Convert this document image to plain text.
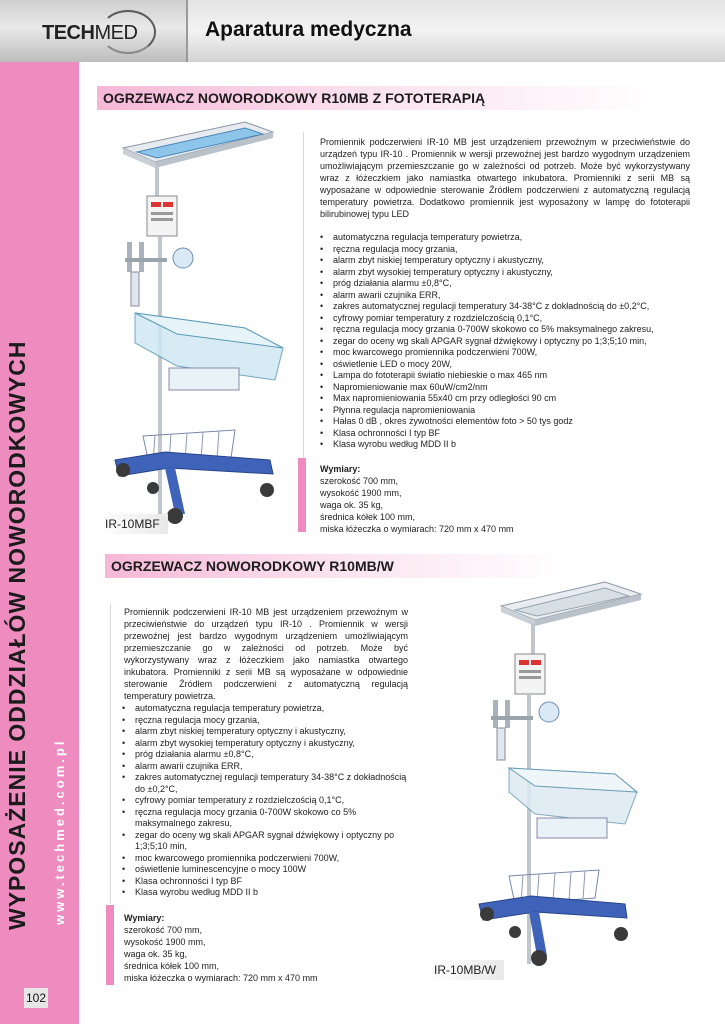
TECHMED	Aparatura medyczna
WYPOSAŻENIE ODDZIAŁÓW NOWORODKOWYCH www.techmed.com.pl
102
OGRZEWACZ NOWORODKOWY R10MB Z FOTOTERAPIĄ
Promiennik podczerwieni IR-10 MB jest urządzeniem przewoźnym w przeciwieństwie do urządzeń typu IR-10 . Promiennik w wersji przewoźnej jest bardzo wygodnym urządzeniem umożliwiającym przemieszczanie go w zależności od potrzeb. Może być wykorzystywany wraz z łóżeczkiem jako namiastka otwartego inkubatora. Promienniki z serii MB są wyposażane w odpowiednie sterowanie Źródłem podczerwieni z automatyczną regulacją temperatury powietrza. Dodatkowo promiennik jest wyposażony w lampę do fototerapii bilirubinowej typu LED
• automatyczna regulacja temperatury powietrza,
• ręczna regulacja mocy grzania,
• alarm zbyt niskiej temperatury optyczny i akustyczny,
• alarm zbyt wysokiej temperatury optyczny i akustyczny,
• próg działania alarmu ±0,8°C,
• alarm awarii czujnika ERR,
• zakres automatycznej regulacji temperatury 34-38°C z dokładnością do ±0,2°C,
• cyfrowy pomiar temperatury z rozdzielczością 0,1°C,
• ręczna regulacja mocy grzania 0-700W skokowo co 5% maksymalnego zakresu,
• zegar do oceny wg skali APGAR sygnał dźwiękowy i optyczny po 1;3;5;10 min,
• moc kwarcowego promiennika podczerwieni 700W,
• oświetlenie LED o mocy 20W,
• Lampa do fototerapii światło niebieskie o max 465 nm
• Napromieniowanie max 60uW/cm2/nm
• Max napromieniowania 55x40 cm przy odległości 90 cm
• Płynna regulacja napromieniowania
• Hałas 0 dB , okres żywotności elementów foto > 50 tys godz
• Klasa ochronności I typ BF
• Klasa wyrobu według MDD II b
Wymiary:
szerokość 700 mm,
wysokość 1900 mm,
waga ok. 35 kg,
średnica kółek 100 mm,
miska łóżeczka o wymiarach: 720 mm x 470 mm
IR-10MBF
OGRZEWACZ NOWORODKOWY R10MB/W
Promiennik podczerwieni IR-10 MB jest urządzeniem przewoźnym w przeciwieństwie do urządzeń typu IR-10 . Promiennik w wersji przewoźnej jest bardzo wygodnym urządzeniem umożliwiającym przemieszczanie go w zależności od potrzeb. Może być wykorzystywany wraz z łóżeczkiem jako namiastka otwartego inkubatora. Promienniki z serii MB są wyposażane w odpowiednie sterowanie Źródłem podczerwieni z automatyczną regulacją temperatury powietrza.
• automatyczna regulacja temperatury powietrza,
• ręczna regulacja mocy grzania,
• alarm zbyt niskiej temperatury optyczny i akustyczny,
• alarm zbyt wysokiej temperatury optyczny i akustyczny,
• próg działania alarmu ±0,8°C,
• alarm awarii czujnika ERR,
• zakres automatycznej regulacji temperatury 34-38°C z dokładnością do ±0,2°C,
• cyfrowy pomiar temperatury z rozdzielczością 0,1°C,
• ręczna regulacja mocy grzania 0-700W skokowo co 5% maksymalnego zakresu,
• zegar do oceny wg skali APGAR sygnał dźwiękowy i optyczny po 1;3;5;10 min,
• moc kwarcowego promiennika podczerwieni 700W,
• oświetlenie luminescencyjne o mocy 100W
• Klasa ochronności I typ BF
• Klasa wyrobu według MDD II b
Wymiary:
szerokość 700 mm,
wysokość 1900 mm,
waga ok. 35 kg,
średnica kółek 100 mm,
miska łóżeczka o wymiarach: 720 mm x 470 mm
IR-10MB/W
